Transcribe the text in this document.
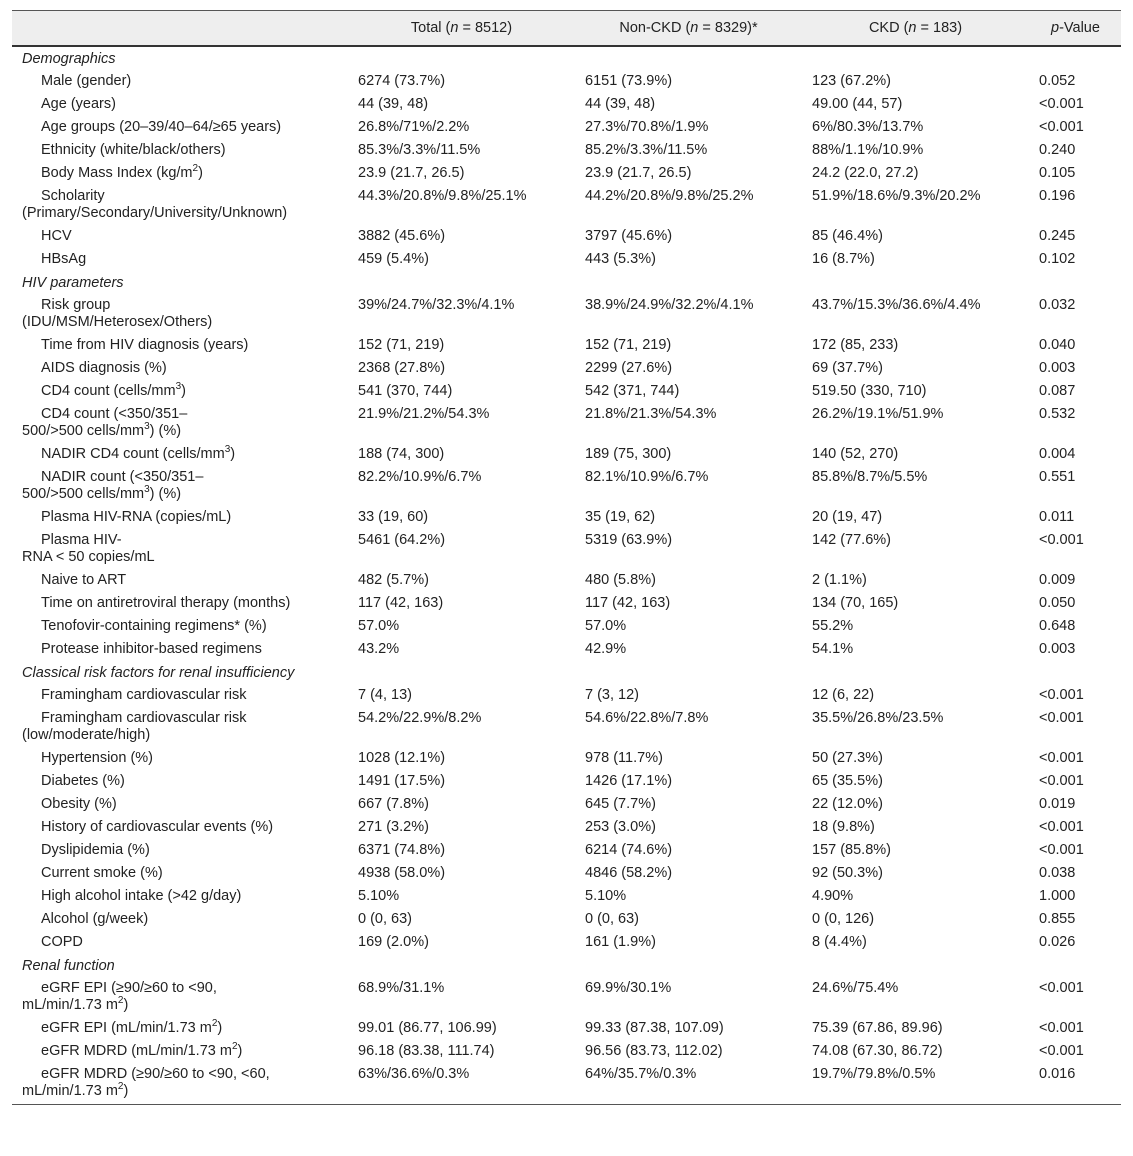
	Total (n = 8512)	Non-CKD (n = 8329)*	CKD (n = 183)	p-Value
Demographics				
Male (gender)	6274 (73.7%)	6151 (73.9%)	123 (67.2%)	0.052
Age (years)	44 (39, 48)	44 (39, 48)	49.00 (44, 57)	<0.001
Age groups (20–39/40–64/≥65 years)	26.8%/71%/2.2%	27.3%/70.8%/1.9%	6%/80.3%/13.7%	<0.001
Ethnicity (white/black/others)	85.3%/3.3%/11.5%	85.2%/3.3%/11.5%	88%/1.1%/10.9%	0.240
Body Mass Index $(kg/m^2)$	23.9 (21.7, 26.5)	23.9 (21.7, 26.5)	24.2 (22.0, 27.2)	0.105
Scholarity
(Primary/Secondary/University/Unknown)	44.3%/20.8%/9.8%/25.1%	44.2%/20.8%/9.8%/25.2%	51.9%/18.6%/9.3%/20.2%	0.196
HCV	3882 (45.6%)	3797 (45.6%)	85 (46.4%)	0.245
HBsAg	459 (5.4%)	443 (5.3%)	16 (8.7%)	0.102
HIV parameters				
Risk group
(IDU/MSM/Heterosex/Others)	39%/24.7%/32.3%/4.1%	38.9%/24.9%/32.2%/4.1%	43.7%/15.3%/36.6%/4.4%	0.032
Time from HIV diagnosis (years)	152 (71, 219)	152 (71, 219)	172 (85, 233)	0.040
AIDS diagnosis (%)	2368 (27.8%)	2299 (27.6%)	69 (37.7%)	0.003
CD4 count $(cells/mm^3)$	541 (370, 744)	542 (371, 744)	519.50 (330, 710)	0.087
CD4 count (<350/351–
500/>500 cells/$mm^3$) (%)	21.9%/21.2%/54.3%	21.8%/21.3%/54.3%	26.2%/19.1%/51.9%	0.532
NADIR CD4 count $(cells/mm^3)$	188 (74, 300)	189 (75, 300)	140 (52, 270)	0.004
NADIR count (<350/351–
500/>500 cells/$mm^3$) (%)	82.2%/10.9%/6.7%	82.1%/10.9%/6.7%	85.8%/8.7%/5.5%	0.551
Plasma HIV-RNA (copies/mL)	33 (19, 60)	35 (19, 62)	20 (19, 47)	0.011
Plasma HIV-
RNA < 50 copies/mL	5461 (64.2%)	5319 (63.9%)	142 (77.6%)	<0.001
Naive to ART	482 (5.7%)	480 (5.8%)	2 (1.1%)	0.009
Time on antiretroviral therapy (months)	117 (42, 163)	117 (42, 163)	134 (70, 165)	0.050
Tenofovir-containing regimens* (%)	57.0%	57.0%	55.2%	0.648
Protease inhibitor-based regimens	43.2%	42.9%	54.1%	0.003
Classical risk factors for renal insufficiency				
Framingham cardiovascular risk	7 (4, 13)	7 (3, 12)	12 (6, 22)	<0.001
Framingham cardiovascular risk
(low/moderate/high)	54.2%/22.9%/8.2%	54.6%/22.8%/7.8%	35.5%/26.8%/23.5%	<0.001
Hypertension (%)	1028 (12.1%)	978 (11.7%)	50 (27.3%)	<0.001
Diabetes (%)	1491 (17.5%)	1426 (17.1%)	65 (35.5%)	<0.001
Obesity (%)	667 (7.8%)	645 (7.7%)	22 (12.0%)	0.019
History of cardiovascular events (%)	271 (3.2%)	253 (3.0%)	18 (9.8%)	<0.001
Dyslipidemia (%)	6371 (74.8%)	6214 (74.6%)	157 (85.8%)	<0.001
Current smoke (%)	4938 (58.0%)	4846 (58.2%)	92 (50.3%)	0.038
High alcohol intake (>42 g/day)	5.10%	5.10%	4.90%	1.000
Alcohol (g/week)	0 (0, 63)	0 (0, 63)	0 (0, 126)	0.855
COPD	169 (2.0%)	161 (1.9%)	8 (4.4%)	0.026
Renal function				
eGRF EPI (≥90/≥60 to <90,
mL/min/1.73 $m^2$)	68.9%/31.1%	69.9%/30.1%	24.6%/75.4%	<0.001
eGFR EPI (mL/min/1.73 $m^2$)	99.01 (86.77, 106.99)	99.33 (87.38, 107.09)	75.39 (67.86, 89.96)	<0.001
eGFR MDRD (mL/min/1.73 $m^2$)	96.18 (83.38, 111.74)	96.56 (83.73, 112.02)	74.08 (67.30, 86.72)	<0.001
eGFR MDRD (≥90/≥60 to <90, <60,
mL/min/1.73 $m^2$)	63%/36.6%/0.3%	64%/35.7%/0.3%	19.7%/79.8%/0.5%	0.016
